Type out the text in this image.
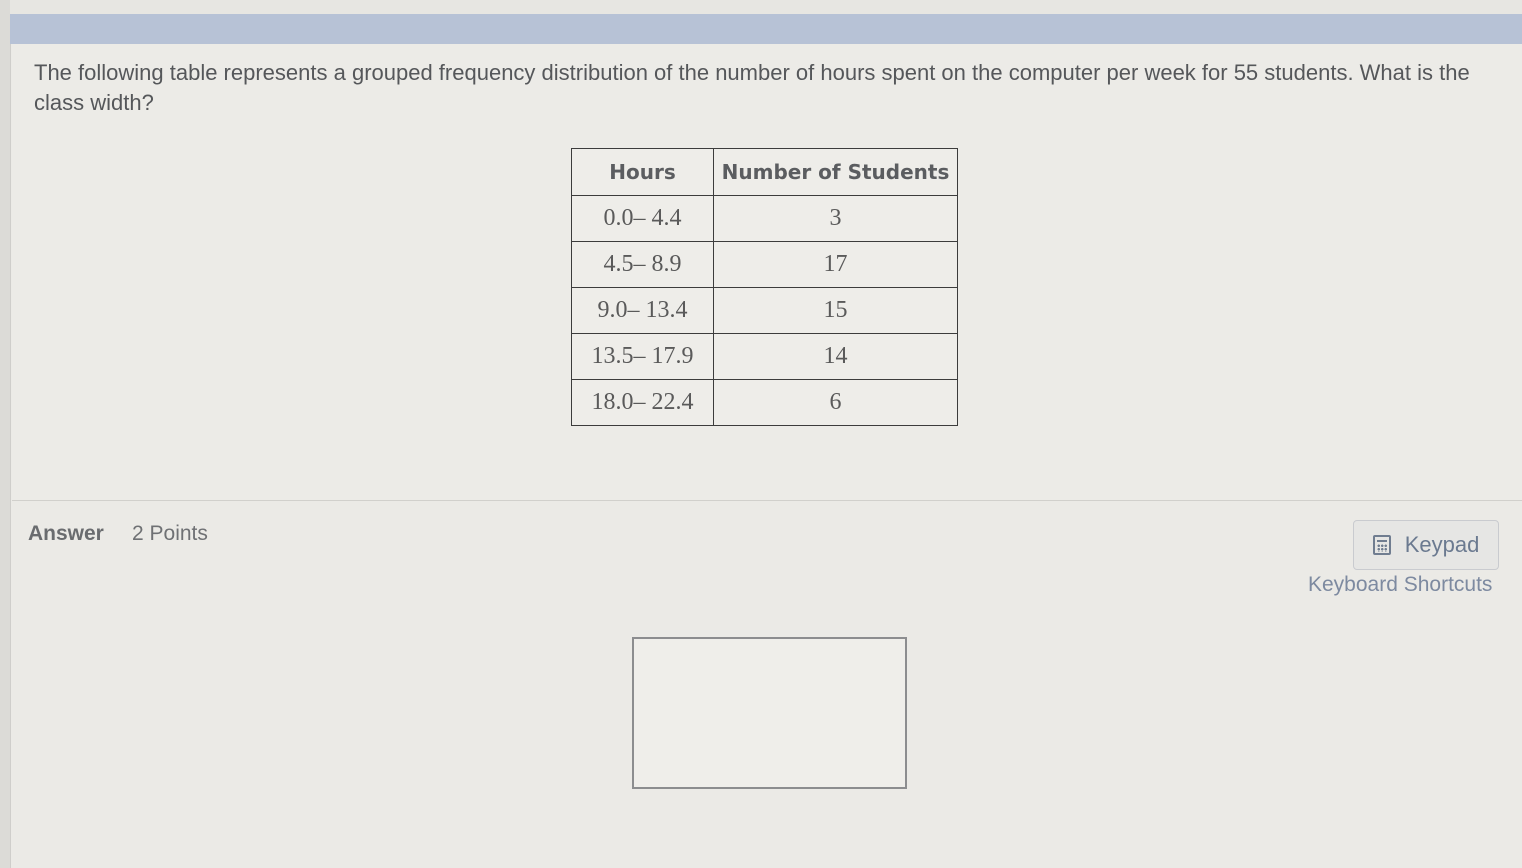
The following table represents a grouped frequency distribution of the number of hours spent on the computer per week for 55 students. What is the class width?
Hours	Number of Students
0.0– 4.4	3
4.5– 8.9	17
9.0– 13.4	15
13.5– 17.9	14
18.0– 22.4	6
Answer 2 Points	Keypad
Keyboard Shortcuts
